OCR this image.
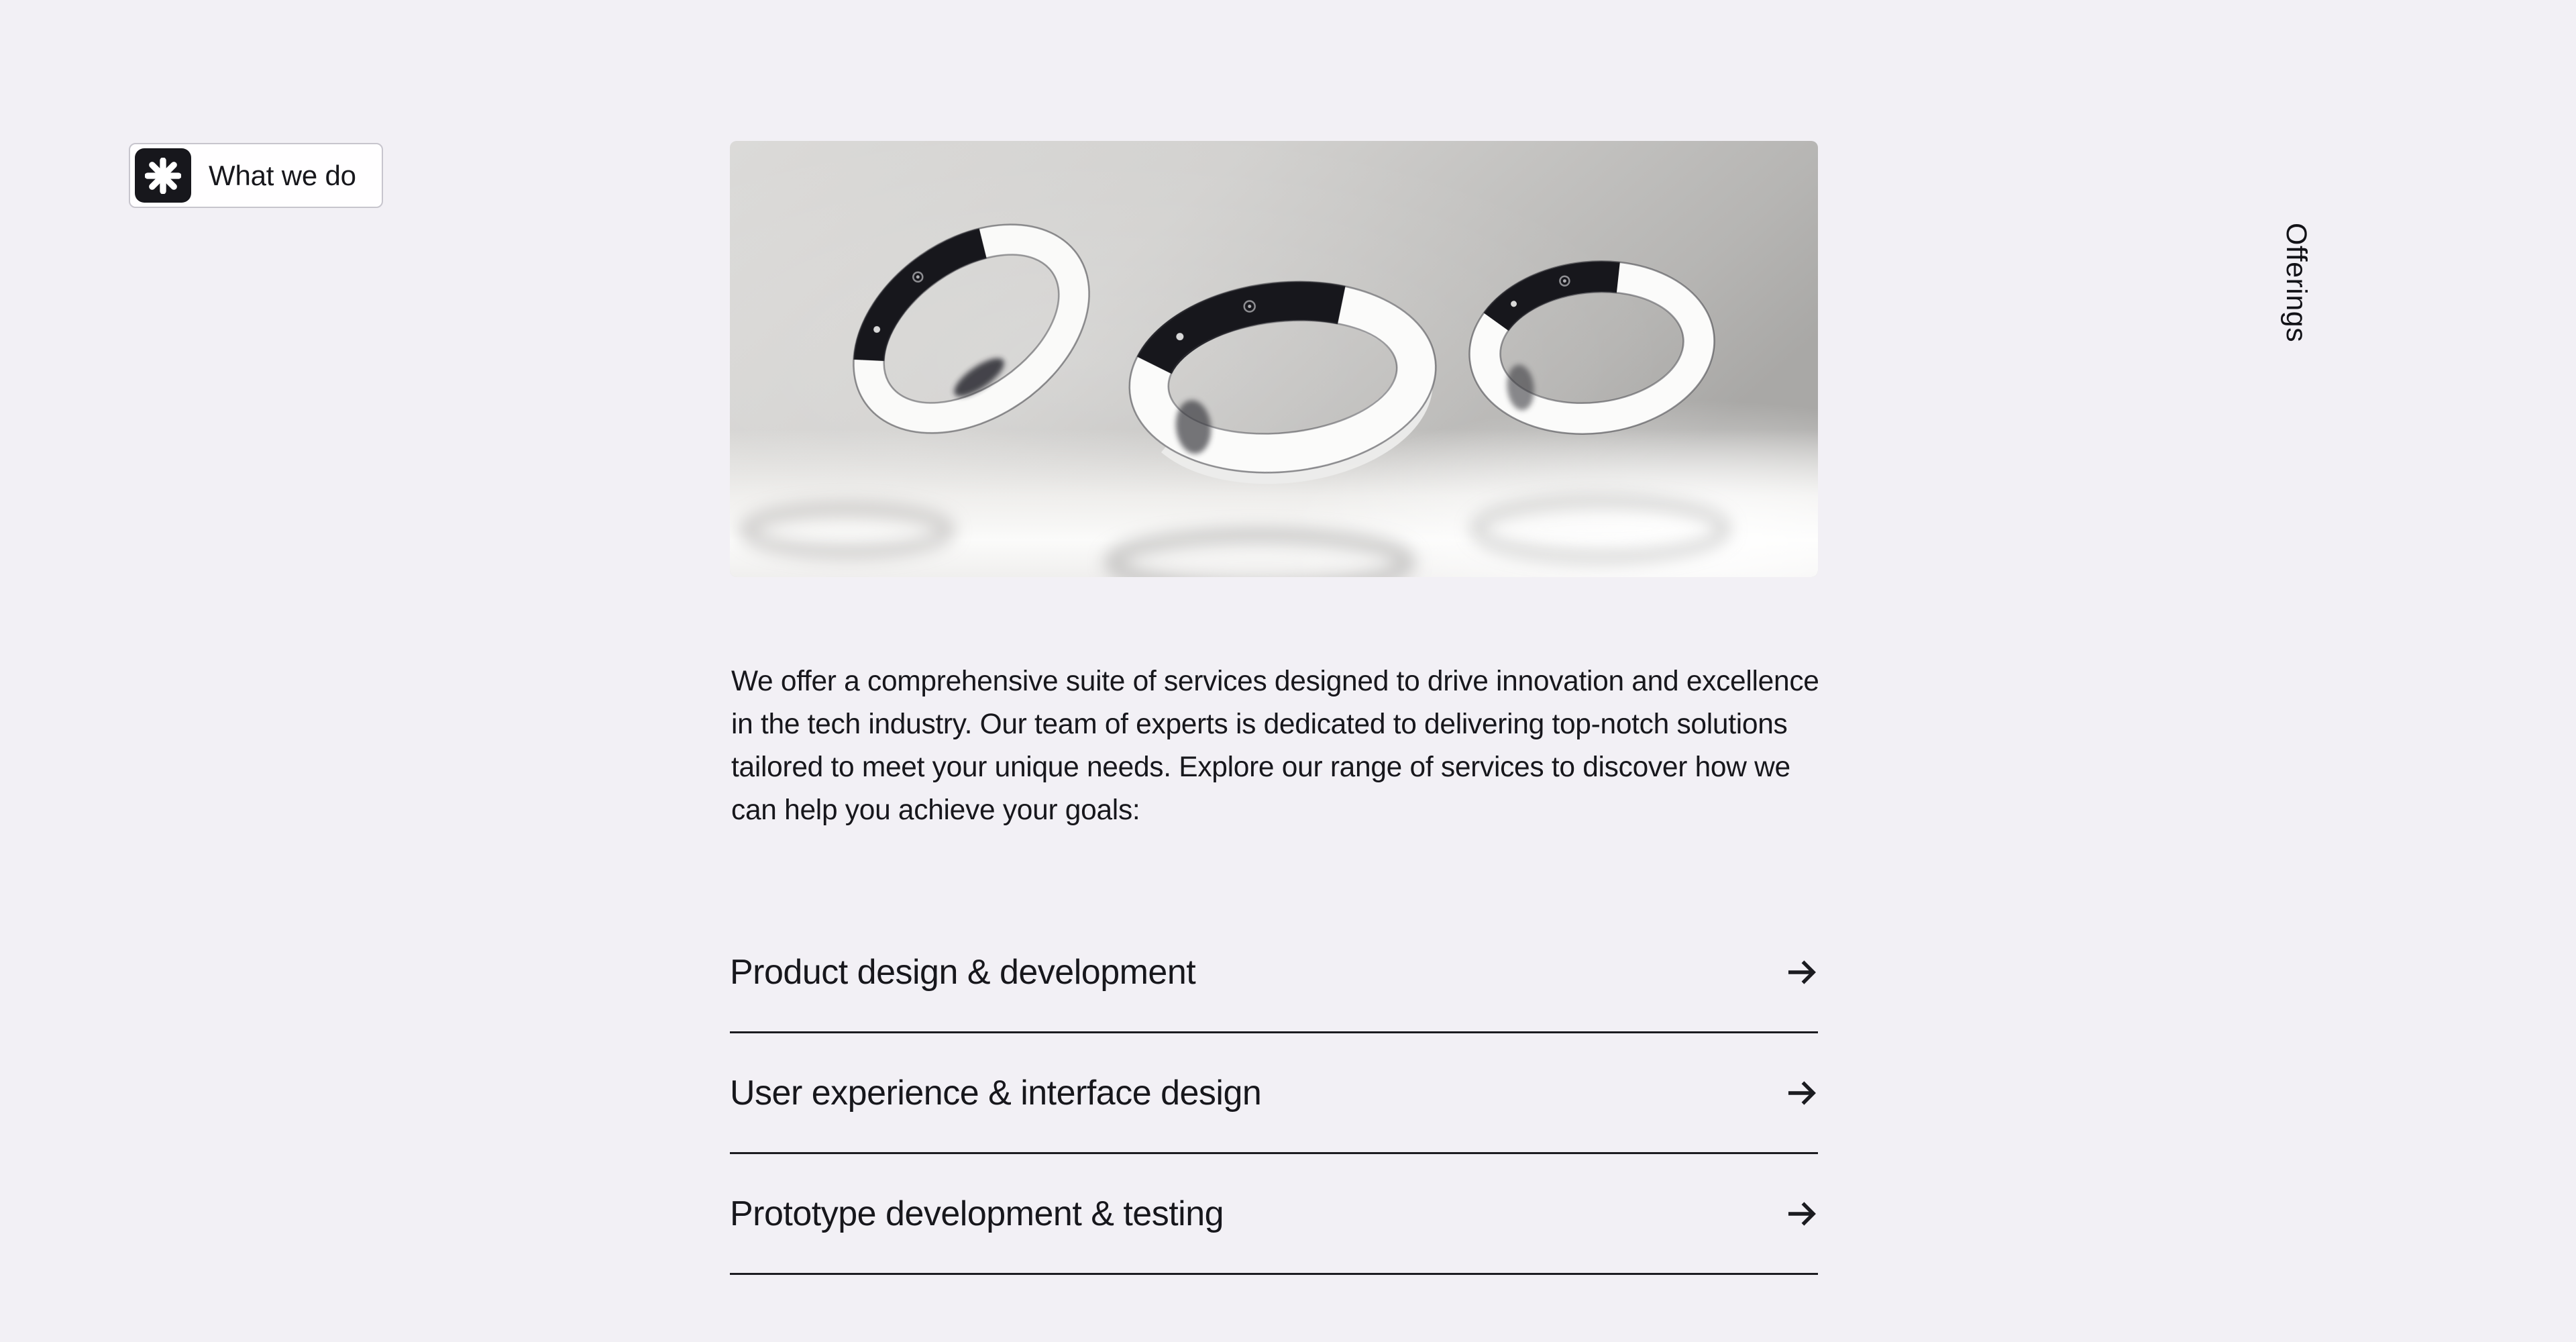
What we do
Offerings

We offer a comprehensive suite of services designed to drive innovation and excellence in the tech industry. Our team of experts is dedicated to delivering top-notch solutions tailored to meet your unique needs. Explore our range of services to discover how we can help you achieve your goals:

Product design & development
User experience & interface design
Prototype development & testing
